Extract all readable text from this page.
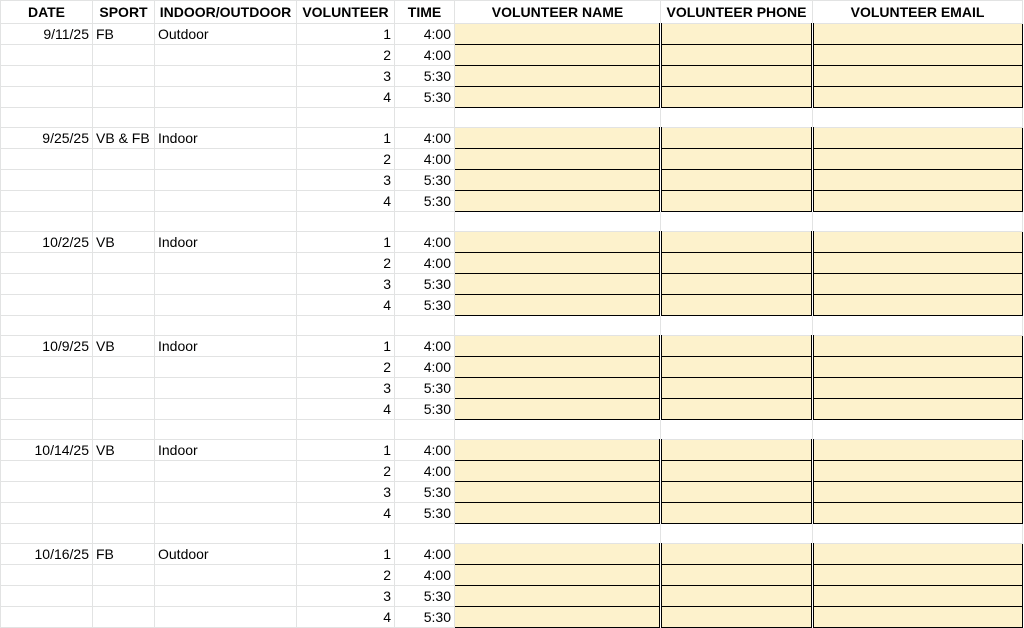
DATE	SPORT	INDOOR/OUTDOOR	VOLUNTEER	TIME	VOLUNTEER NAME	VOLUNTEER PHONE	VOLUNTEER EMAIL
9/11/25	FB	Outdoor	1	4:00			
			2	4:00			
			3	5:30			
			4	5:30			

9/25/25	VB & FB	Indoor	1	4:00			
			2	4:00			
			3	5:30			
			4	5:30			

10/2/25	VB	Indoor	1	4:00			
			2	4:00			
			3	5:30			
			4	5:30			

10/9/25	VB	Indoor	1	4:00			
			2	4:00			
			3	5:30			
			4	5:30			

10/14/25	VB	Indoor	1	4:00			
			2	4:00			
			3	5:30			
			4	5:30			

10/16/25	FB	Outdoor	1	4:00			
			2	4:00			
			3	5:30			
			4	5:30			
